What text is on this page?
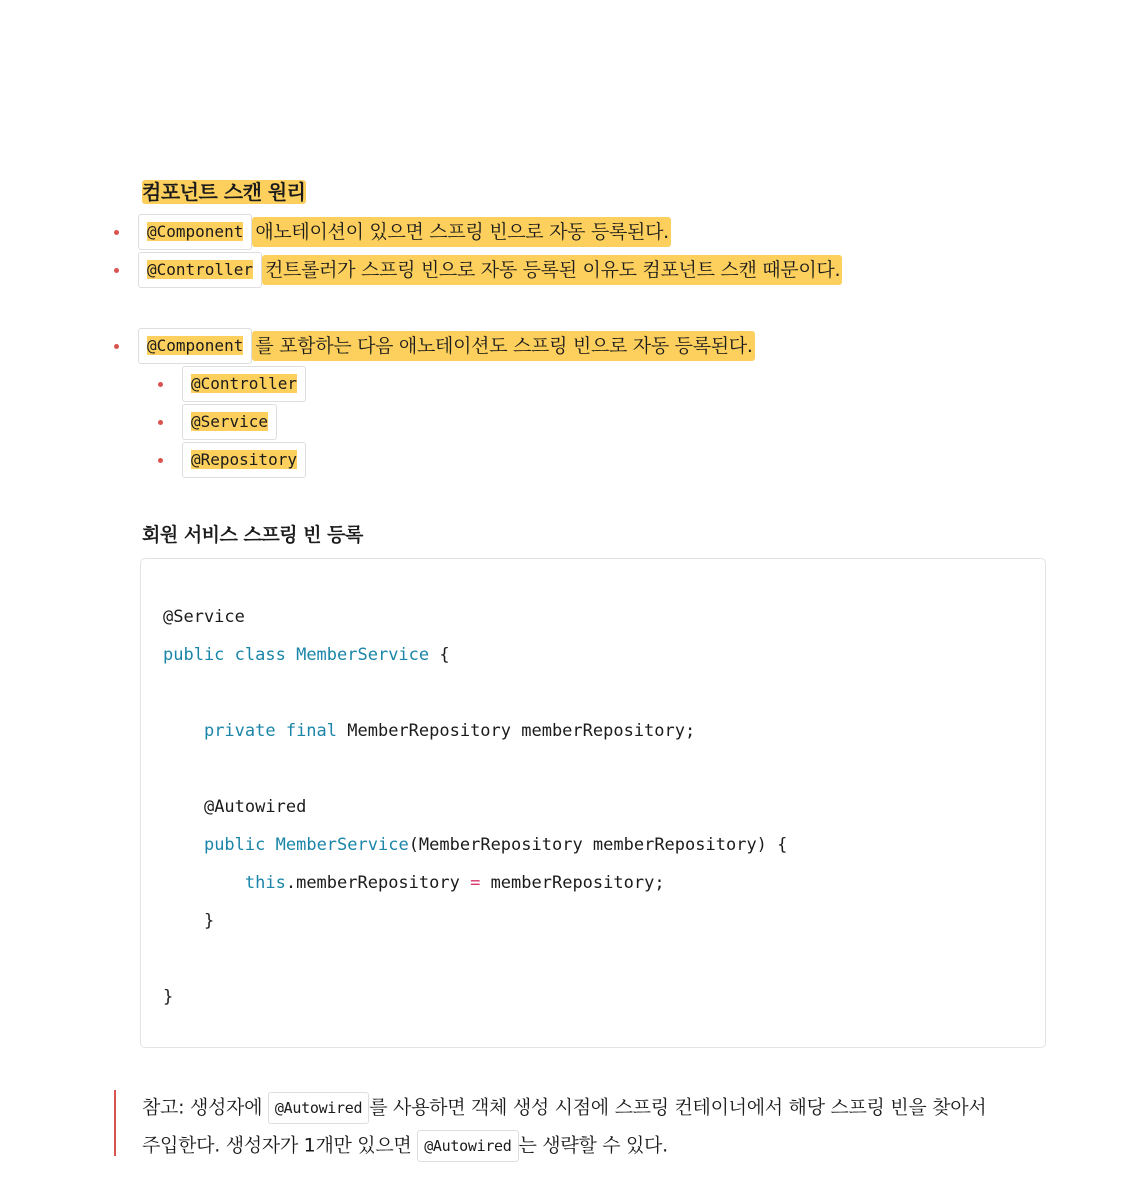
컴포넌트 스캔 원리
@Component 애노테이션이 있으면 스프링 빈으로 자동 등록된다.
@Controller 컨트롤러가 스프링 빈으로 자동 등록된 이유도 컴포넌트 스캔 때문이다.
@Component 를 포함하는 다음 애노테이션도 스프링 빈으로 자동 등록된다.
@Controller
@Service
@Repository
회원 서비스 스프링 빈 등록
@Service
public class MemberService {
private final MemberRepository memberRepository;
@Autowired
public MemberService(MemberRepository memberRepository) {
this.memberRepository = memberRepository;
}
}
참고: 생성자에 @Autowired 를 사용하면 객체 생성 시점에 스프링 컨테이너에서 해당 스프링 빈을 찾아서
주입한다. 생성자가 1개만 있으면 @Autowired 는 생략할 수 있다.
